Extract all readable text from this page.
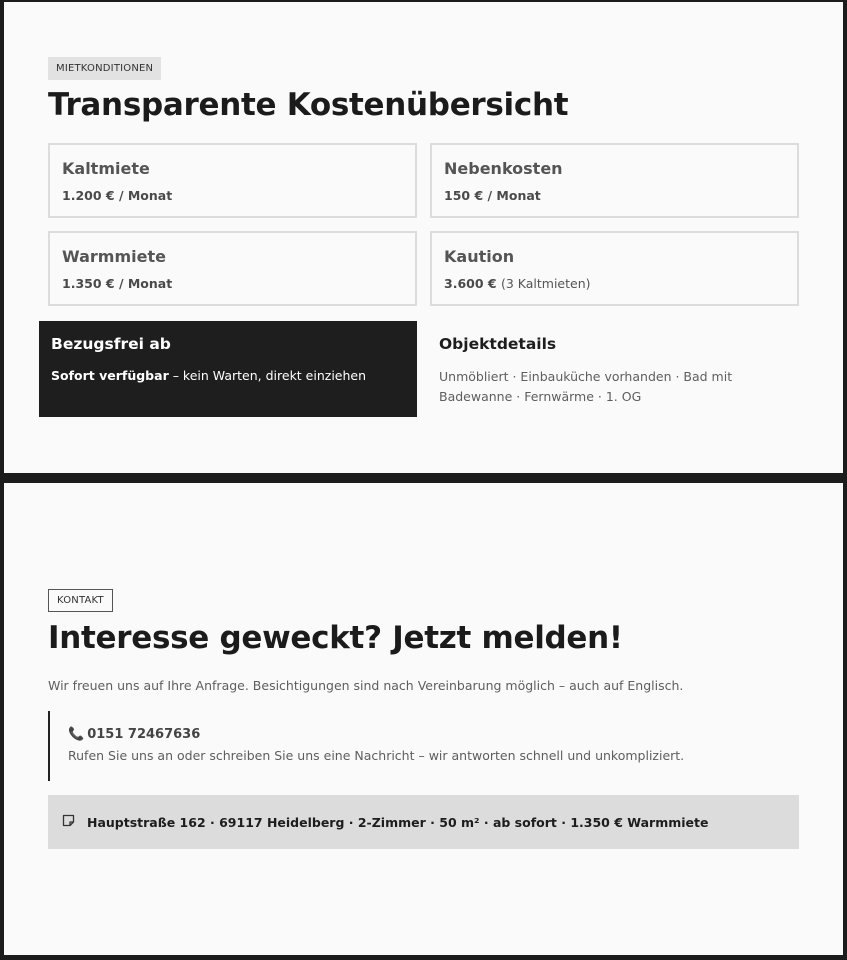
MIETKONDITIONEN
Transparente Kostenübersicht
Kaltmiete
1.200 € / Monat
Nebenkosten
150 € / Monat
Warmmiete
1.350 € / Monat
Kaution
3.600 € (3 Kaltmieten)
Bezugsfrei ab
Sofort verfügbar – kein Warten, direkt einziehen
Objektdetails
Unmöbliert · Einbauküche vorhanden · Bad mit Badewanne · Fernwärme · 1. OG
KONTAKT
Interesse geweckt? Jetzt melden!
Wir freuen uns auf Ihre Anfrage. Besichtigungen sind nach Vereinbarung möglich – auch auf Englisch.
📞 0151 72467636
Rufen Sie uns an oder schreiben Sie uns eine Nachricht – wir antworten schnell und unkompliziert.
Hauptstraße 162 · 69117 Heidelberg · 2-Zimmer · 50 m² · ab sofort · 1.350 € Warmmiete
